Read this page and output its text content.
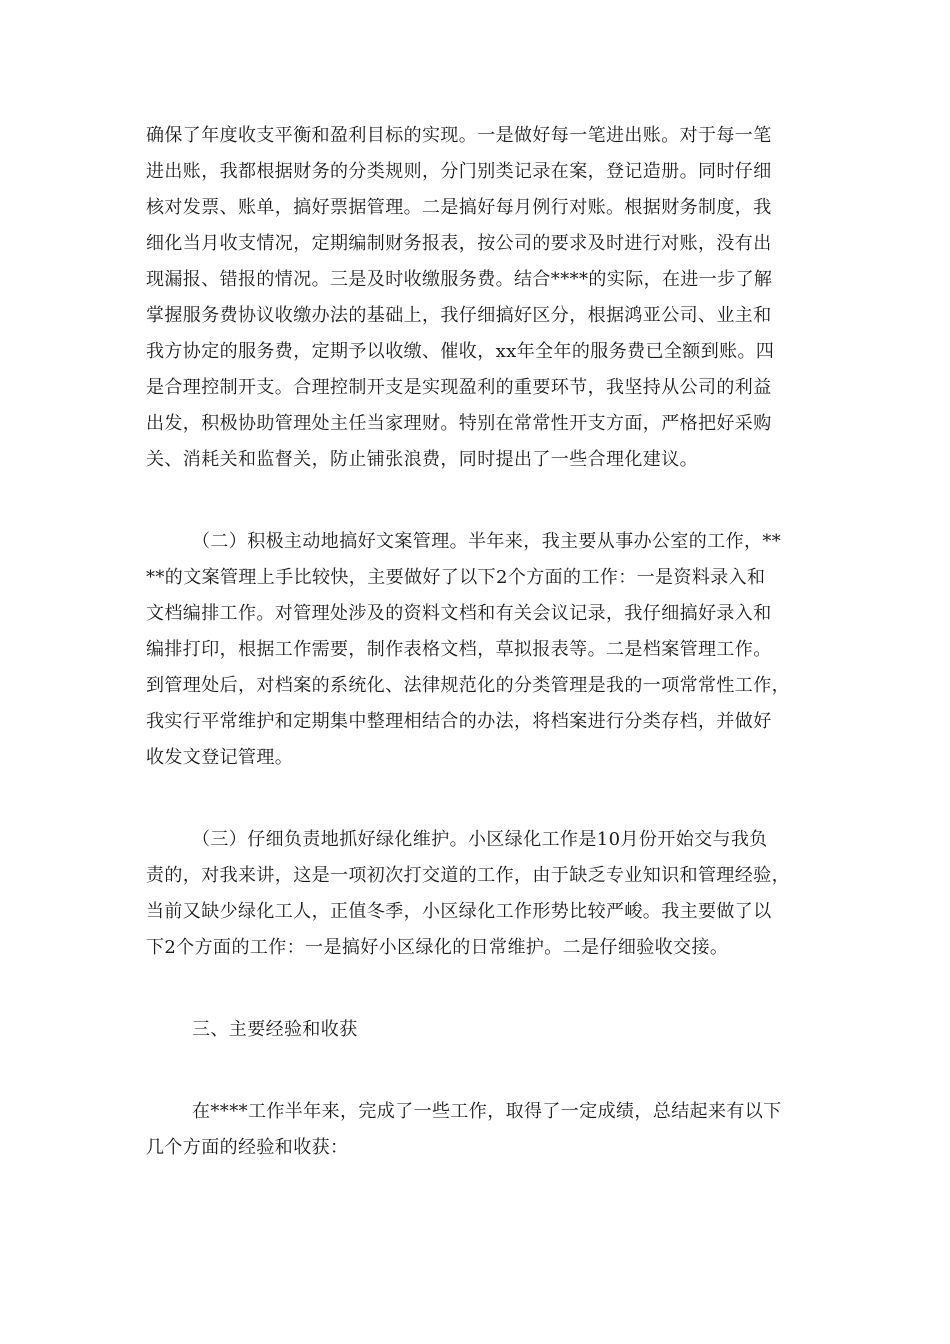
确保了年度收支平衡和盈利目标的实现。一是做好每一笔进出账。对于每一笔

进出账，我都根据财务的分类规则，分门别类记录在案，登记造册。同时仔细

核对发票、账单，搞好票据管理。二是搞好每月例行对账。根据财务制度，我

细化当月收支情况，定期编制财务报表，按公司的要求及时进行对账，没有出

现漏报、错报的情况。三是及时收缴服务费。结合****的实际，在进一步了解

掌握服务费协议收缴办法的基础上，我仔细搞好区分，根据鸿亚公司、业主和

我方协定的服务费，定期予以收缴、催收，xx年全年的服务费已全额到账。四

是合理控制开支。合理控制开支是实现盈利的重要环节，我坚持从公司的利益

出发，积极协助管理处主任当家理财。特别在常常性开支方面，严格把好采购

关、消耗关和监督关，防止铺张浪费，同时提出了一些合理化建议。

（二）积极主动地搞好文案管理。半年来，我主要从事办公室的工作，**

**的文案管理上手比较快，主要做好了以下2个方面的工作：一是资料录入和

文档编排工作。对管理处涉及的资料文档和有关会议记录，我仔细搞好录入和

编排打印，根据工作需要，制作表格文档，草拟报表等。二是档案管理工作。

到管理处后，对档案的系统化、法律规范化的分类管理是我的一项常常性工作，

我实行平常维护和定期集中整理相结合的办法，将档案进行分类存档，并做好

收发文登记管理。

（三）仔细负责地抓好绿化维护。小区绿化工作是10月份开始交与我负

责的，对我来讲，这是一项初次打交道的工作，由于缺乏专业知识和管理经验，

当前又缺少绿化工人，正值冬季，小区绿化工作形势比较严峻。我主要做了以

下2个方面的工作：一是搞好小区绿化的日常维护。二是仔细验收交接。

三、主要经验和收获

在****工作半年来，完成了一些工作，取得了一定成绩，总结起来有以下

几个方面的经验和收获：
